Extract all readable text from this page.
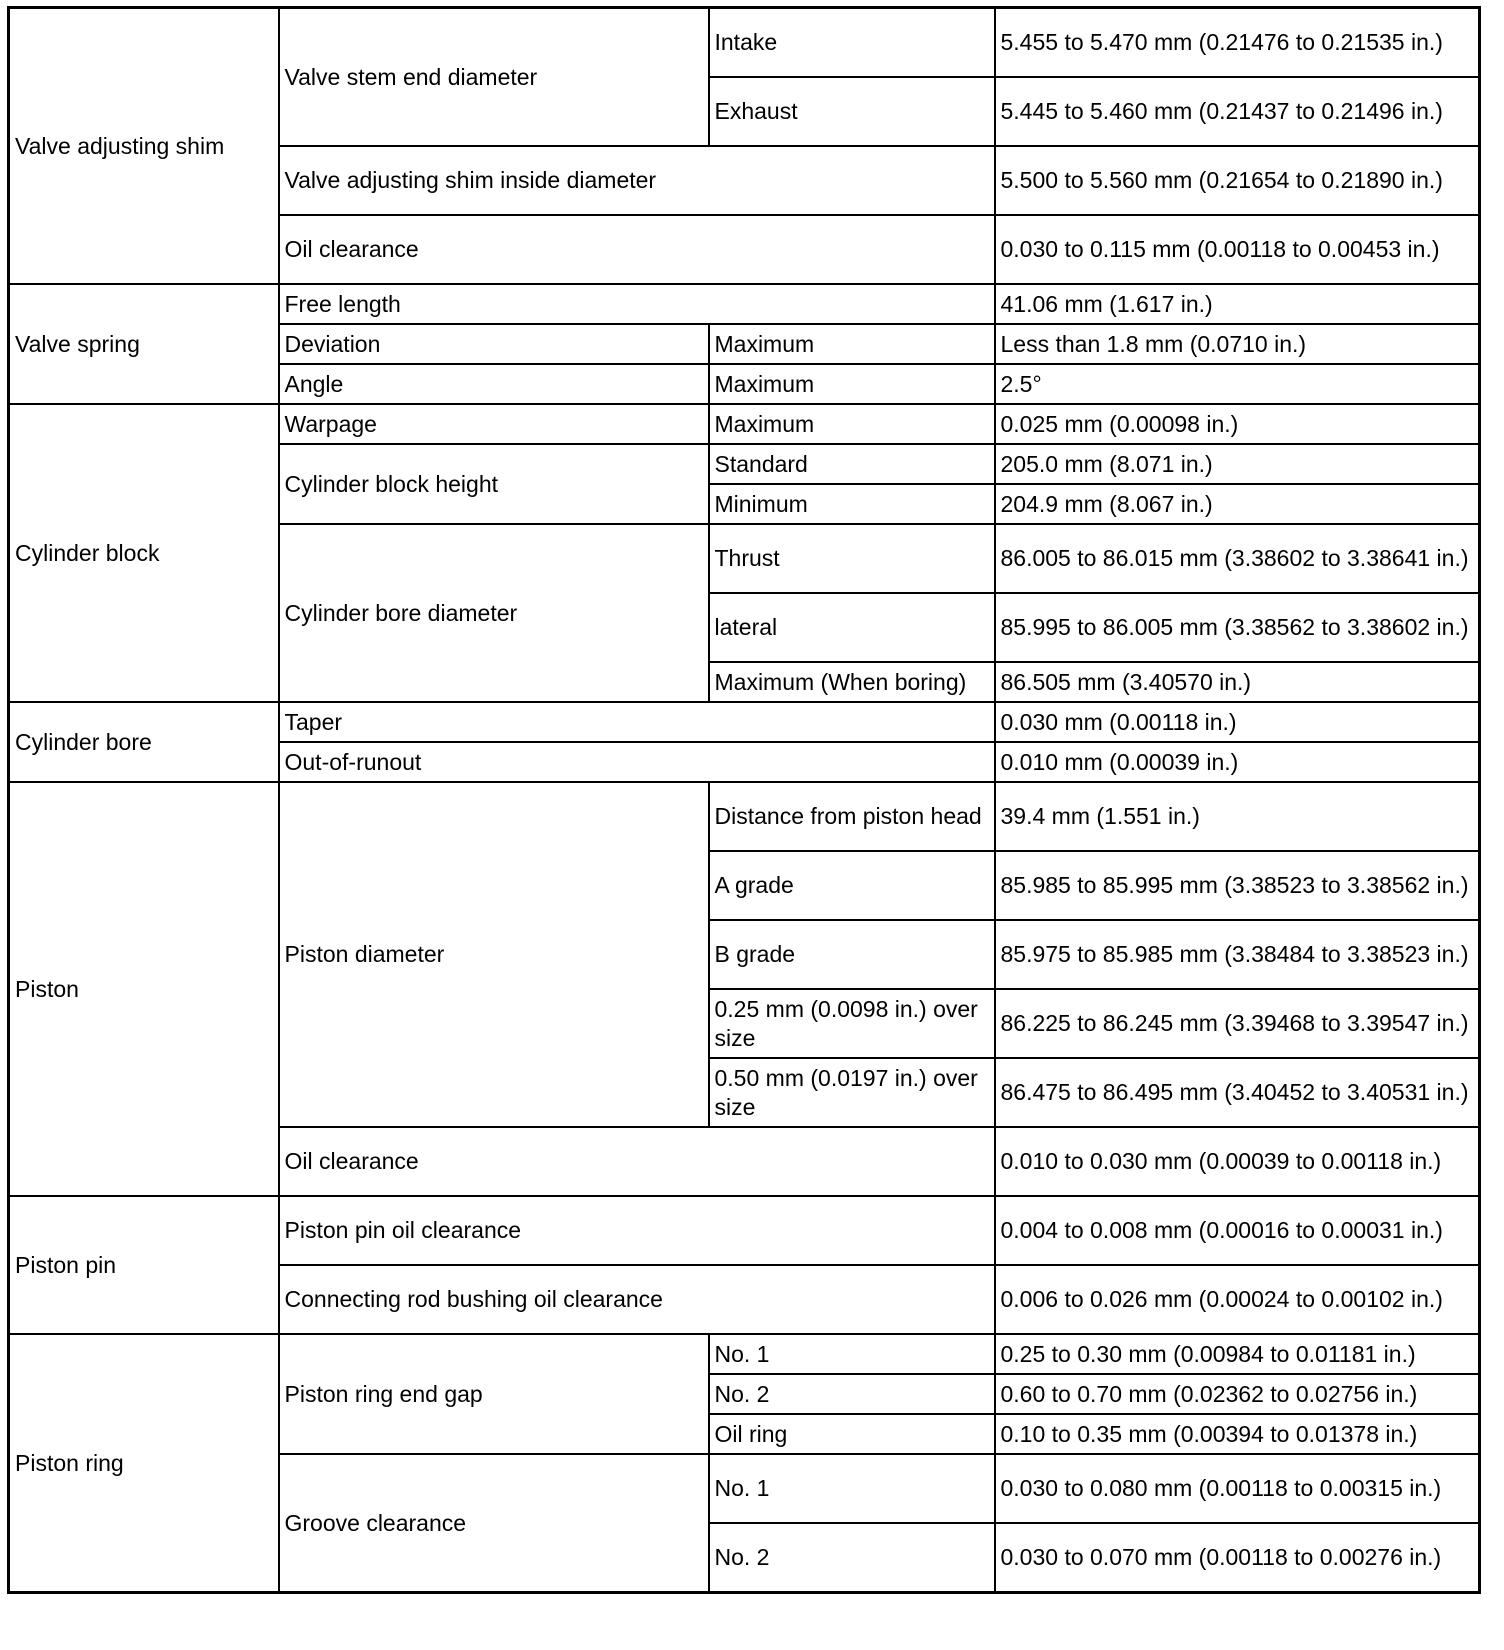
Valve adjusting shim	Valve stem end diameter	Intake	5.455 to 5.470 mm (0.21476 to 0.21535 in.)
		Exhaust	5.445 to 5.460 mm (0.21437 to 0.21496 in.)
	Valve adjusting shim inside diameter		5.500 to 5.560 mm (0.21654 to 0.21890 in.)
	Oil clearance		0.030 to 0.115 mm (0.00118 to 0.00453 in.)
Valve spring	Free length		41.06 mm (1.617 in.)
	Deviation	Maximum	Less than 1.8 mm (0.0710 in.)
	Angle	Maximum	2.5°
Cylinder block	Warpage	Maximum	0.025 mm (0.00098 in.)
	Cylinder block height	Standard	205.0 mm (8.071 in.)
		Minimum	204.9 mm (8.067 in.)
	Cylinder bore diameter	Thrust	86.005 to 86.015 mm (3.38602 to 3.38641 in.)
		lateral	85.995 to 86.005 mm (3.38562 to 3.38602 in.)
		Maximum (When boring)	86.505 mm (3.40570 in.)
Cylinder bore	Taper		0.030 mm (0.00118 in.)
	Out-of-runout		0.010 mm (0.00039 in.)
Piston	Piston diameter	Distance from piston head	39.4 mm (1.551 in.)
		A grade	85.985 to 85.995 mm (3.38523 to 3.38562 in.)
		B grade	85.975 to 85.985 mm (3.38484 to 3.38523 in.)
		0.25 mm (0.0098 in.) over size	86.225 to 86.245 mm (3.39468 to 3.39547 in.)
		0.50 mm (0.0197 in.) over size	86.475 to 86.495 mm (3.40452 to 3.40531 in.)
	Oil clearance		0.010 to 0.030 mm (0.00039 to 0.00118 in.)
Piston pin	Piston pin oil clearance		0.004 to 0.008 mm (0.00016 to 0.00031 in.)
	Connecting rod bushing oil clearance		0.006 to 0.026 mm (0.00024 to 0.00102 in.)
Piston ring	Piston ring end gap	No. 1	0.25 to 0.30 mm (0.00984 to 0.01181 in.)
		No. 2	0.60 to 0.70 mm (0.02362 to 0.02756 in.)
		Oil ring	0.10 to 0.35 mm (0.00394 to 0.01378 in.)
	Groove clearance	No. 1	0.030 to 0.080 mm (0.00118 to 0.00315 in.)
		No. 2	0.030 to 0.070 mm (0.00118 to 0.00276 in.)
